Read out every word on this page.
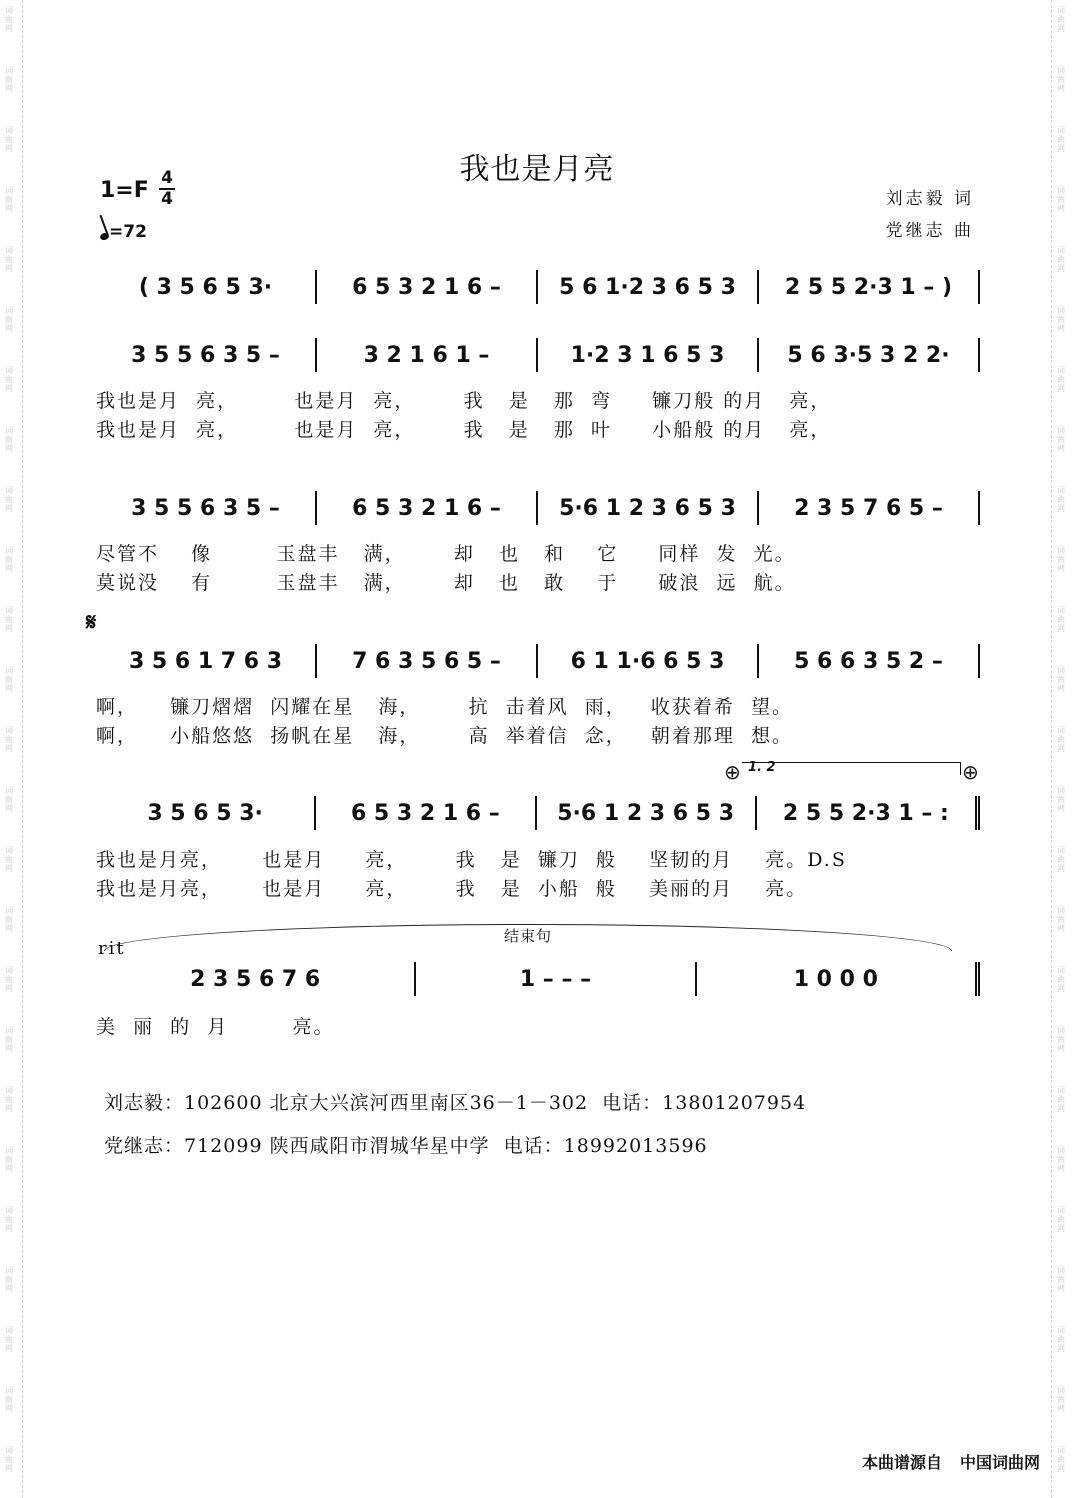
词
曲
网
词
曲
网
词
曲
网
词
曲
网
词
曲
网
词
曲
网
词
曲
网
词
曲
网
词
曲
网
词
曲
网
词
曲
网
词
曲
网
词
曲
网
词
曲
网
词
曲
网
词
曲
网
词
曲
网
词
曲
网
词
曲
网
词
曲
网
词
曲
网
词
曲
网
词
曲
网
词
曲
网
词
曲
网
词
曲
网
词
曲
网
词
曲
网
词
曲
网
词
曲
网
词
曲
网
词
曲
网
词
曲
网
词
曲
网
词
曲
网
词
曲
网
词
曲
网
词
曲
网
词
曲
网
词
曲
网
词
曲
网
词
曲
网
词
曲
网
词
曲
网
词
曲
网
词
曲
网
词
曲
网
词
曲
网
词
曲
网
词
曲
网
我也是月亮
1=F 4
4
=72
刘志毅 词
党继志 曲
( 3 5 6 5 3·	6 5 3 2 1 6 –	5 6 1·2 3 6 5 3	2 5 5 2·3 1 – )
3 5 5 6 3 5 –	3 2 1 6 1 –	1·2 3 1 6 5 3	5 6 3·5 3 2 2·
我也是月  亮，       也是月  亮，      我   是   那  弯     镰刀般 的月   亮，
我也是月  亮，       也是月  亮，      我   是   那  叶     小船般 的月   亮，
3 5 5 6 3 5 –	6 5 3 2 1 6 –	5·6 1 2 3 6 5 3	2 3 5 7 6 5 –
尽管不    像        玉盘丰   满，      却   也   和    它     同样  发  光。
莫说没    有        玉盘丰   满，      却   也   敢    于     破浪  远  航。
𝄋
3 5 6 1 7 6 3	7 6 3 5 6 5 –	6 1 1·6 6 5 3	5 6 6 3 5 2 –
啊，    镰刀熠熠  闪耀在星   海，      抗  击着风  雨，   收获着希  望。
啊，    小船悠悠  扬帆在星   海，      高  举着信  念，   朝着那理  想。
⊕	⊕
1. 2
3 5 6 5 3·	6 5 3 2 1 6 –	5·6 1 2 3 6 5 3	2 5 5 2·3 1 – :
我也是月亮，     也是月     亮，      我   是  镰刀  般    坚韧的月    亮。D.S
我也是月亮，     也是月     亮，      我   是  小船  般    美丽的月    亮。
结束句
rit
2 3 5 6 7 6	1 – – –	1 0 0 0
美  丽  的  月        亮。
刘志毅：102600 北京大兴滨河西里南区36－1－302  电话：13801207954
党继志：712099 陕西咸阳市渭城华星中学  电话：18992013596
本曲谱源自 中国词曲网
